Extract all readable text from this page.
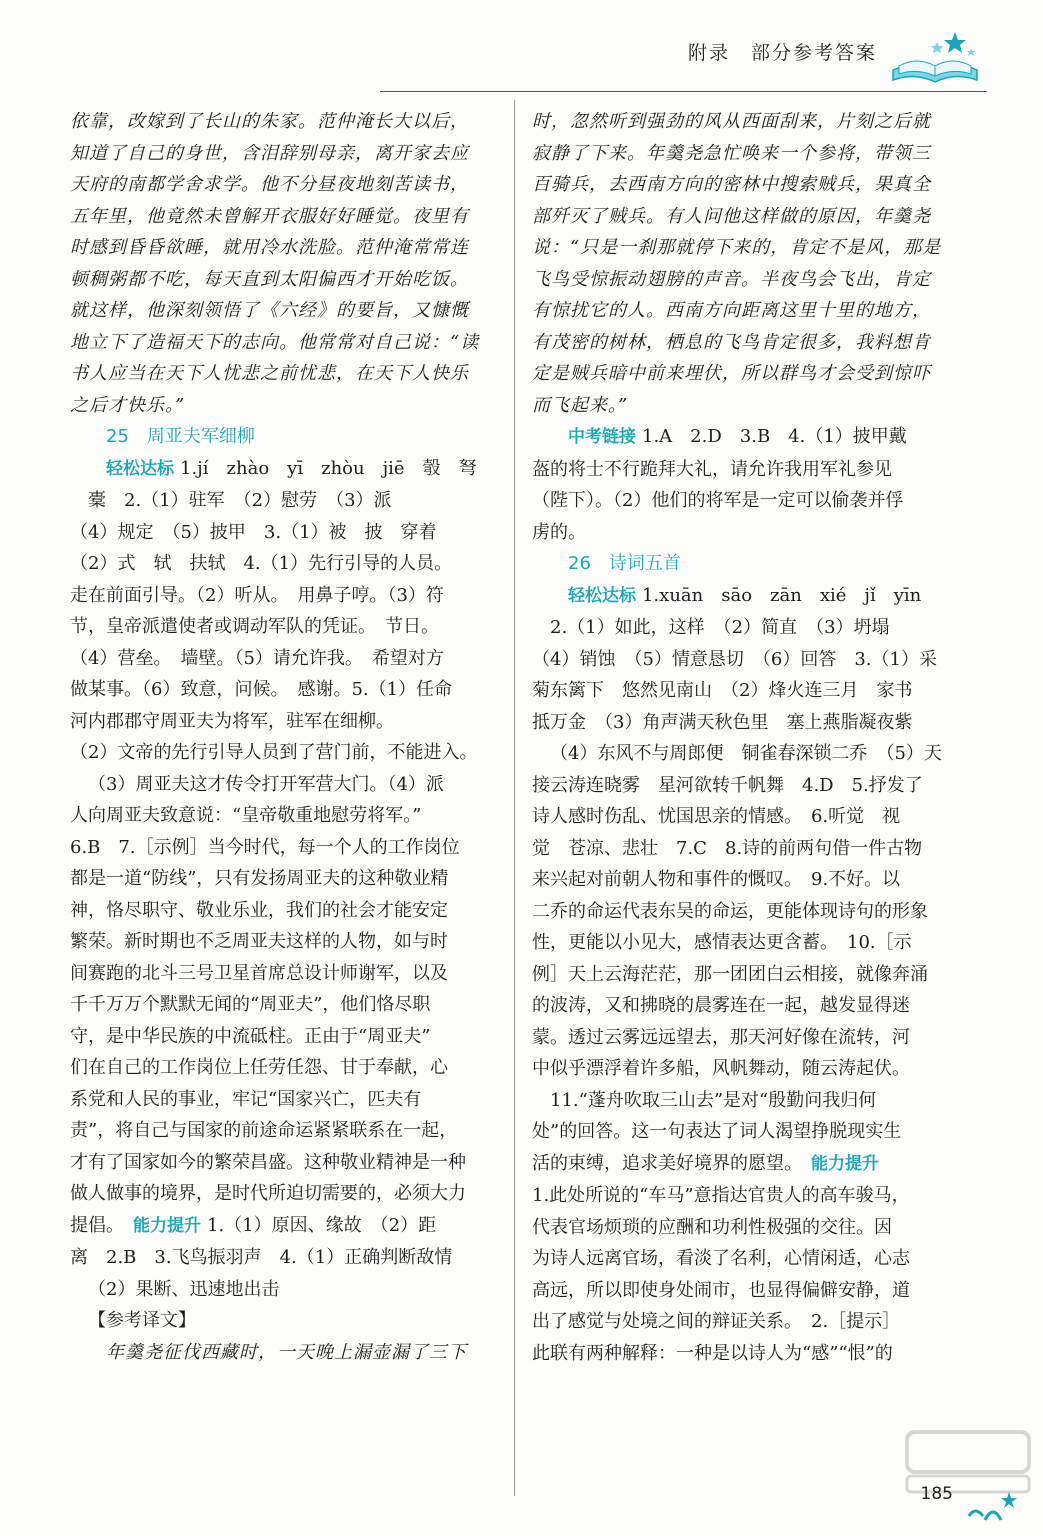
附录　部分参考答案

依靠，改嫁到了长山的朱家。范仲淹长大以后，

知道了自己的身世，含泪辞别母亲，离开家去应

天府的南都学舍求学。他不分昼夜地刻苦读书，

五年里，他竟然未曾解开衣服好好睡觉。夜里有

时感到昏昏欲睡，就用冷水洗脸。范仲淹常常连

顿稠粥都不吃，每天直到太阳偏西才开始吃饭。

就这样，他深刻领悟了《六经》的要旨，又慷慨

地立下了造福天下的志向。他常常对自己说：“读

书人应当在天下人忧悲之前忧悲，在天下人快乐

之后才快乐。”

25　周亚夫军细柳

轻松达标 1.jí　zhào　yī　zhòu　jiē　彀　弩

橐　2.（1）驻军　（2）慰劳　（3）派

（4）规定　（5）披甲　3.（1）被　披　穿着

（2）式　轼　扶轼　4.（1）先行引导的人员。

走在前面引导。（2）听从。　用鼻子哼。（3）符

节，皇帝派遣使者或调动军队的凭证。　节日。

（4）营垒。　墙壁。（5）请允许我。　希望对方

做某事。（6）致意，问候。　感谢。5.（1）任命

河内郡郡守周亚夫为将军，驻军在细柳。

（2）文帝的先行引导人员到了营门前，不能进入。

（3）周亚夫这才传令打开军营大门。（4）派

人向周亚夫致意说：“皇帝敬重地慰劳将军。”

6.B　7.［示例］当今时代，每一个人的工作岗位

都是一道“防线”，只有发扬周亚夫的这种敬业精

神，恪尽职守、敬业乐业，我们的社会才能安定

繁荣。新时期也不乏周亚夫这样的人物，如与时

间赛跑的北斗三号卫星首席总设计师谢军，以及

千千万万个默默无闻的“周亚夫”，他们恪尽职

守，是中华民族的中流砥柱。正由于“周亚夫”

们在自己的工作岗位上任劳任怨、甘于奉献，心

系党和人民的事业，牢记“国家兴亡，匹夫有

责”，将自己与国家的前途命运紧紧联系在一起，

才有了国家如今的繁荣昌盛。这种敬业精神是一种

做人做事的境界，是时代所迫切需要的，必须大力

提倡。　 能力提升 1.（1）原因、缘故　（2）距

离　2.B　3.飞鸟振羽声　4.（1）正确判断敌情

（2）果断、迅速地出击

【参考译文】

年羹尧征伐西藏时，一天晚上漏壶漏了三下

时，忽然听到强劲的风从西面刮来，片刻之后就

寂静了下来。年羹尧急忙唤来一个参将，带领三

百骑兵，去西南方向的密林中搜索贼兵，果真全

部歼灭了贼兵。有人问他这样做的原因，年羹尧

说：“只是一刹那就停下来的，肯定不是风，那是

飞鸟受惊振动翅膀的声音。半夜鸟会飞出，肯定

有惊扰它的人。西南方向距离这里十里的地方，

有茂密的树林，栖息的飞鸟肯定很多，我料想肯

定是贼兵暗中前来埋伏，所以群鸟才会受到惊吓

而飞起来。”

中考链接 1.A　2.D　3.B　4.（1）披甲戴

盔的将士不行跪拜大礼，请允许我用军礼参见

（陛下）。（2）他们的将军是一定可以偷袭并俘

虏的。

26　诗词五首

轻松达标 1.xuān　sāo　zān　xié　jǐ　yīn

2.（1）如此，这样　（2）简直　（3）坍塌

（4）销蚀　（5）情意恳切　（6）回答　3.（1）采

菊东篱下　悠然见南山　（2）烽火连三月　家书

抵万金　（3）角声满天秋色里　塞上燕脂凝夜紫

（4）东风不与周郎便　铜雀春深锁二乔　（5）天

接云涛连晓雾　星河欲转千帆舞　4.D　5.抒发了

诗人感时伤乱、忧国思亲的情感。　6.听觉　视

觉　苍凉、悲壮　7.C　8.诗的前两句借一件古物

来兴起对前朝人物和事件的慨叹。　9.不好。以

二乔的命运代表东吴的命运，更能体现诗句的形象

性，更能以小见大，感情表达更含蓄。　10.［示

例］天上云海茫茫，那一团团白云相接，就像奔涌

的波涛，又和拂晓的晨雾连在一起，越发显得迷

蒙。透过云雾远远望去，那天河好像在流转，河

中似乎漂浮着许多船，风帆舞动，随云涛起伏。

11.“蓬舟吹取三山去”是对“殷勤问我归何

处”的回答。这一句表达了词人渴望挣脱现实生

活的束缚，追求美好境界的愿望。　 能力提升

1.此处所说的“车马”意指达官贵人的高车骏马，

代表官场烦琐的应酬和功利性极强的交往。因

为诗人远离官场，看淡了名利，心情闲适，心志

高远，所以即使身处闹市，也显得偏僻安静，道

出了感觉与处境之间的辩证关系。　2.［提示］

此联有两种解释：一种是以诗人为“感”“恨”的

185
